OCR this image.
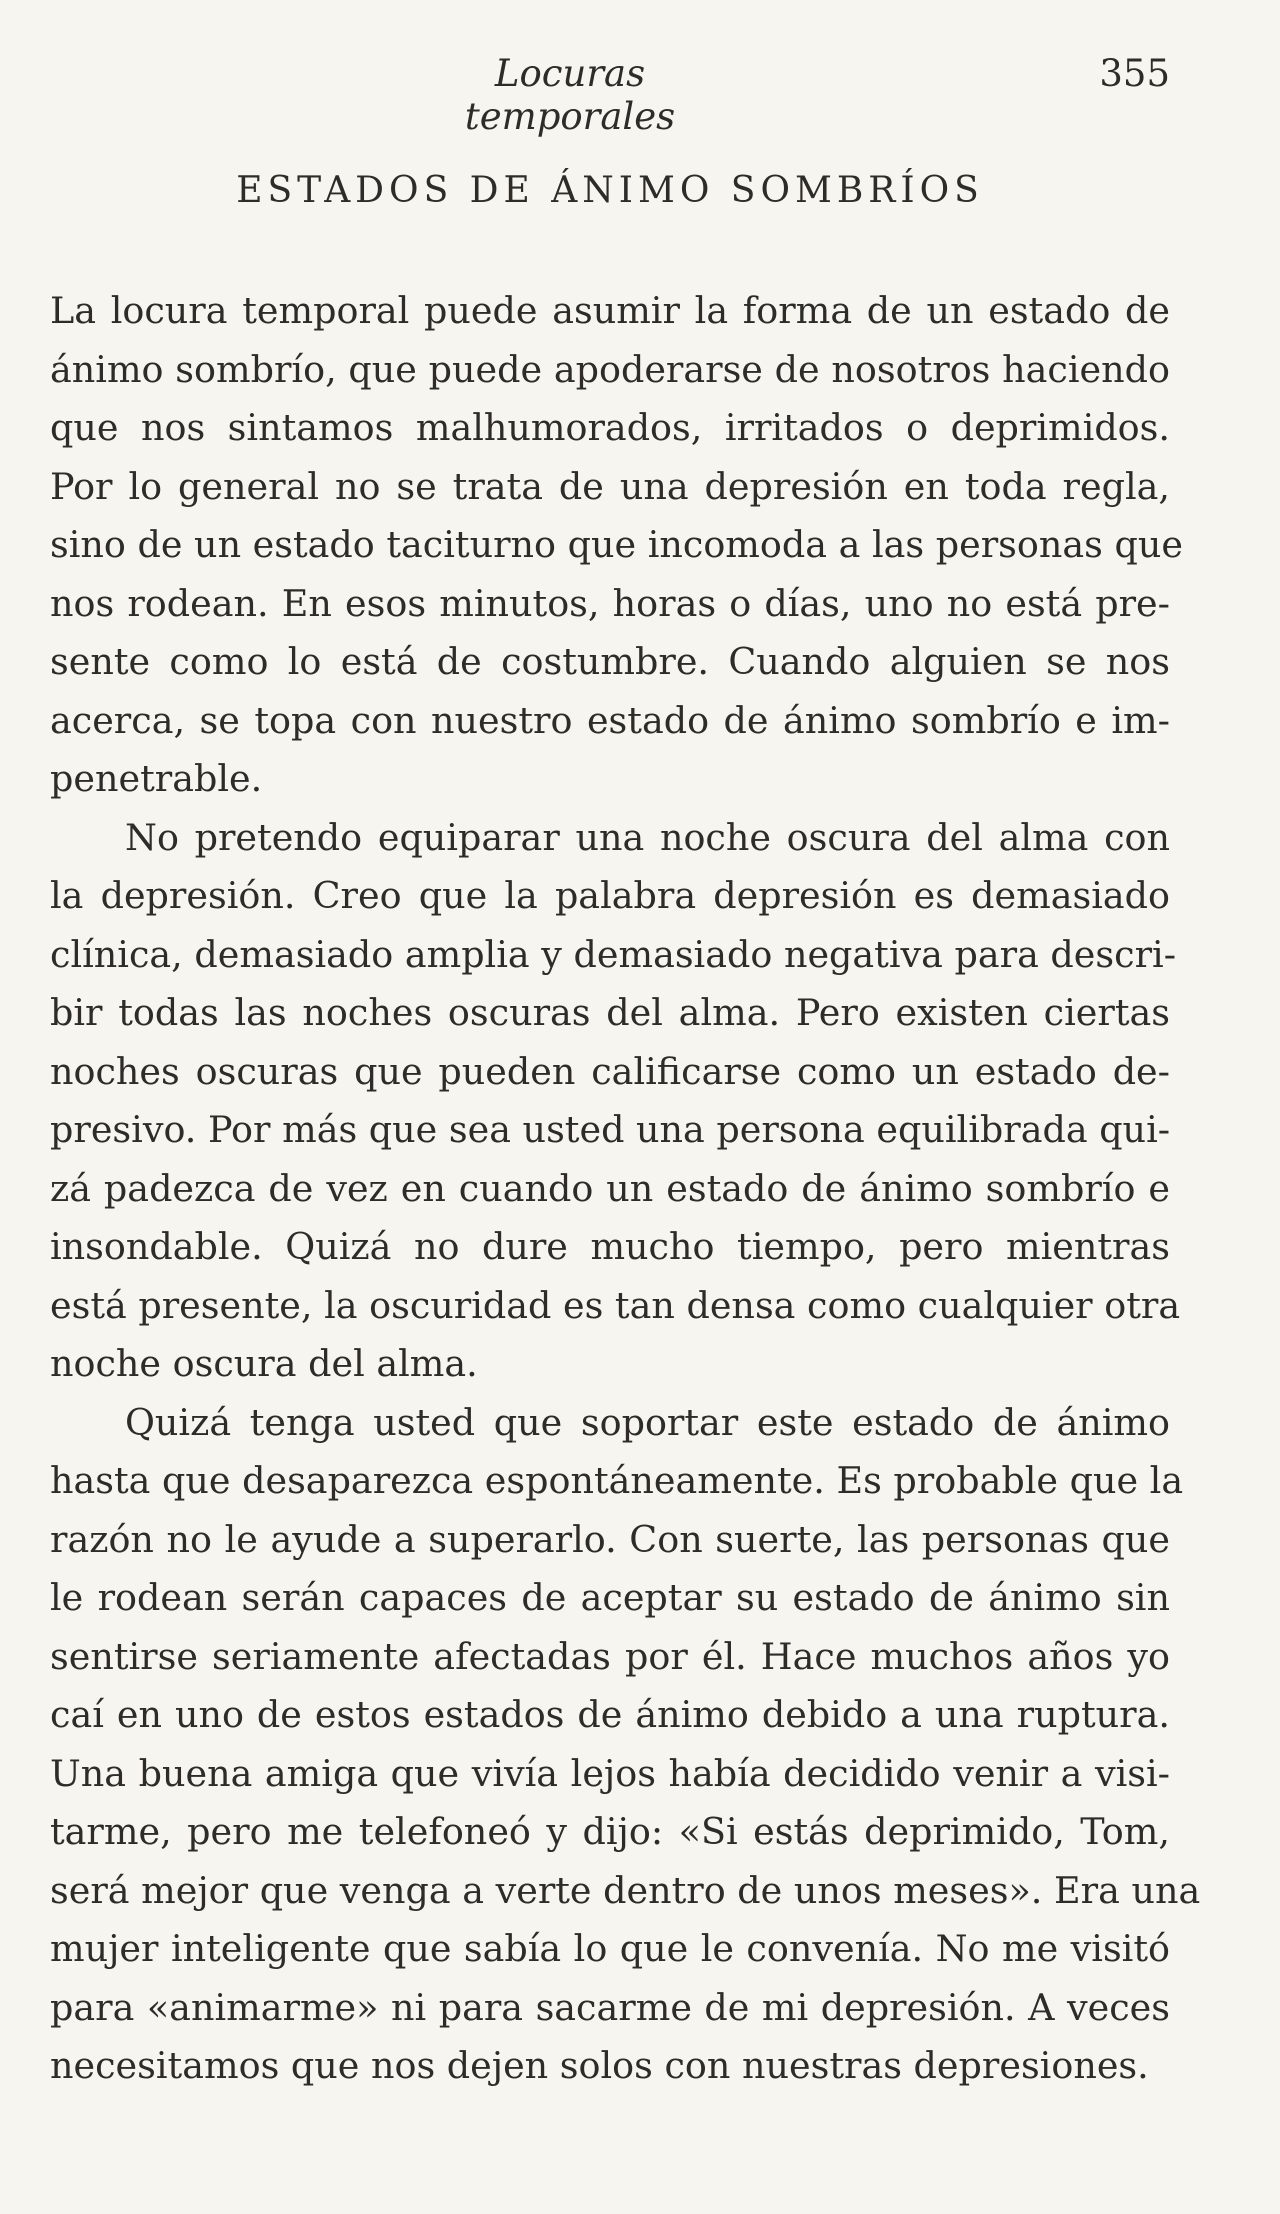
Locuras temporales
355
ESTADOS DE ÁNIMO SOMBRÍOS
La locura temporal puede asumir la forma de un estado de
ánimo sombrío, que puede apoderarse de nosotros haciendo
que nos sintamos malhumorados, irritados o deprimidos.
Por lo general no se trata de una depresión en toda regla,
sino de un estado taciturno que incomoda a las personas que
nos rodean. En esos minutos, horas o días, uno no está pre-
sente como lo está de costumbre. Cuando alguien se nos
acerca, se topa con nuestro estado de ánimo sombrío e im-
penetrable.
No pretendo equiparar una noche oscura del alma con
la depresión. Creo que la palabra depresión es demasiado
clínica, demasiado amplia y demasiado negativa para descri-
bir todas las noches oscuras del alma. Pero existen ciertas
noches oscuras que pueden calificarse como un estado de-
presivo. Por más que sea usted una persona equilibrada qui-
zá padezca de vez en cuando un estado de ánimo sombrío e
insondable. Quizá no dure mucho tiempo, pero mientras
está presente, la oscuridad es tan densa como cualquier otra
noche oscura del alma.
Quizá tenga usted que soportar este estado de ánimo
hasta que desaparezca espontáneamente. Es probable que la
razón no le ayude a superarlo. Con suerte, las personas que
le rodean serán capaces de aceptar su estado de ánimo sin
sentirse seriamente afectadas por él. Hace muchos años yo
caí en uno de estos estados de ánimo debido a una ruptura.
Una buena amiga que vivía lejos había decidido venir a visi-
tarme, pero me telefoneó y dijo: «Si estás deprimido, Tom,
será mejor que venga a verte dentro de unos meses». Era una
mujer inteligente que sabía lo que le convenía. No me visitó
para «animarme» ni para sacarme de mi depresión. A veces
necesitamos que nos dejen solos con nuestras depresiones.
